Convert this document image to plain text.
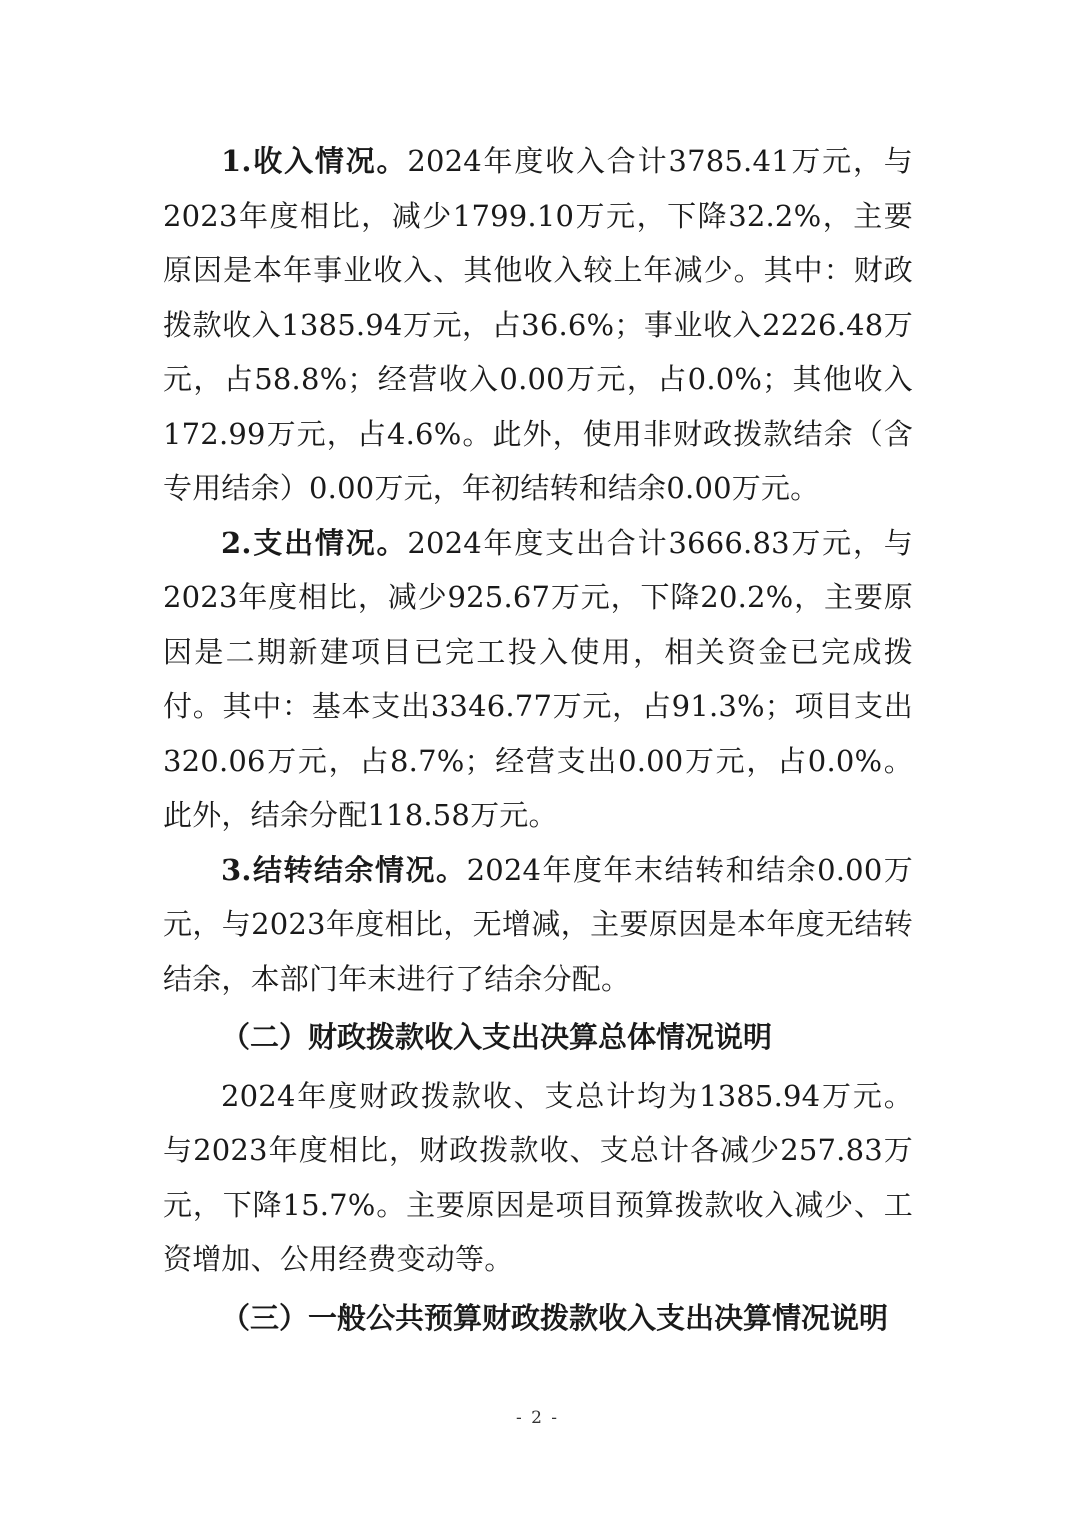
1.收入情况。2024年度收入合计3785.41万元，与2023年度相比，减少1799.10万元，下降32.2%，主要原因是本年事业收入、其他收入较上年减少。其中：财政拨款收入1385.94万元，占36.6%；事业收入2226.48万元，占58.8%；经营收入0.00万元，占0.0%；其他收入172.99万元，占4.6%。此外，使用非财政拨款结余（含专用结余）0.00万元，年初结转和结余0.00万元。

2.支出情况。2024年度支出合计3666.83万元，与2023年度相比，减少925.67万元，下降20.2%，主要原因是二期新建项目已完工投入使用，相关资金已完成拨付。其中：基本支出3346.77万元，占91.3%；项目支出320.06万元，占8.7%；经营支出0.00万元，占0.0%。此外，结余分配118.58万元。

3.结转结余情况。2024年度年末结转和结余0.00万元，与2023年度相比，无增减，主要原因是本年度无结转结余，本部门年末进行了结余分配。

（二）财政拨款收入支出决算总体情况说明

2024年度财政拨款收、支总计均为1385.94万元。与2023年度相比，财政拨款收、支总计各减少257.83万元，下降15.7%。主要原因是项目预算拨款收入减少、工资增加、公用经费变动等。

（三）一般公共预算财政拨款收入支出决算情况说明

- 2 -
